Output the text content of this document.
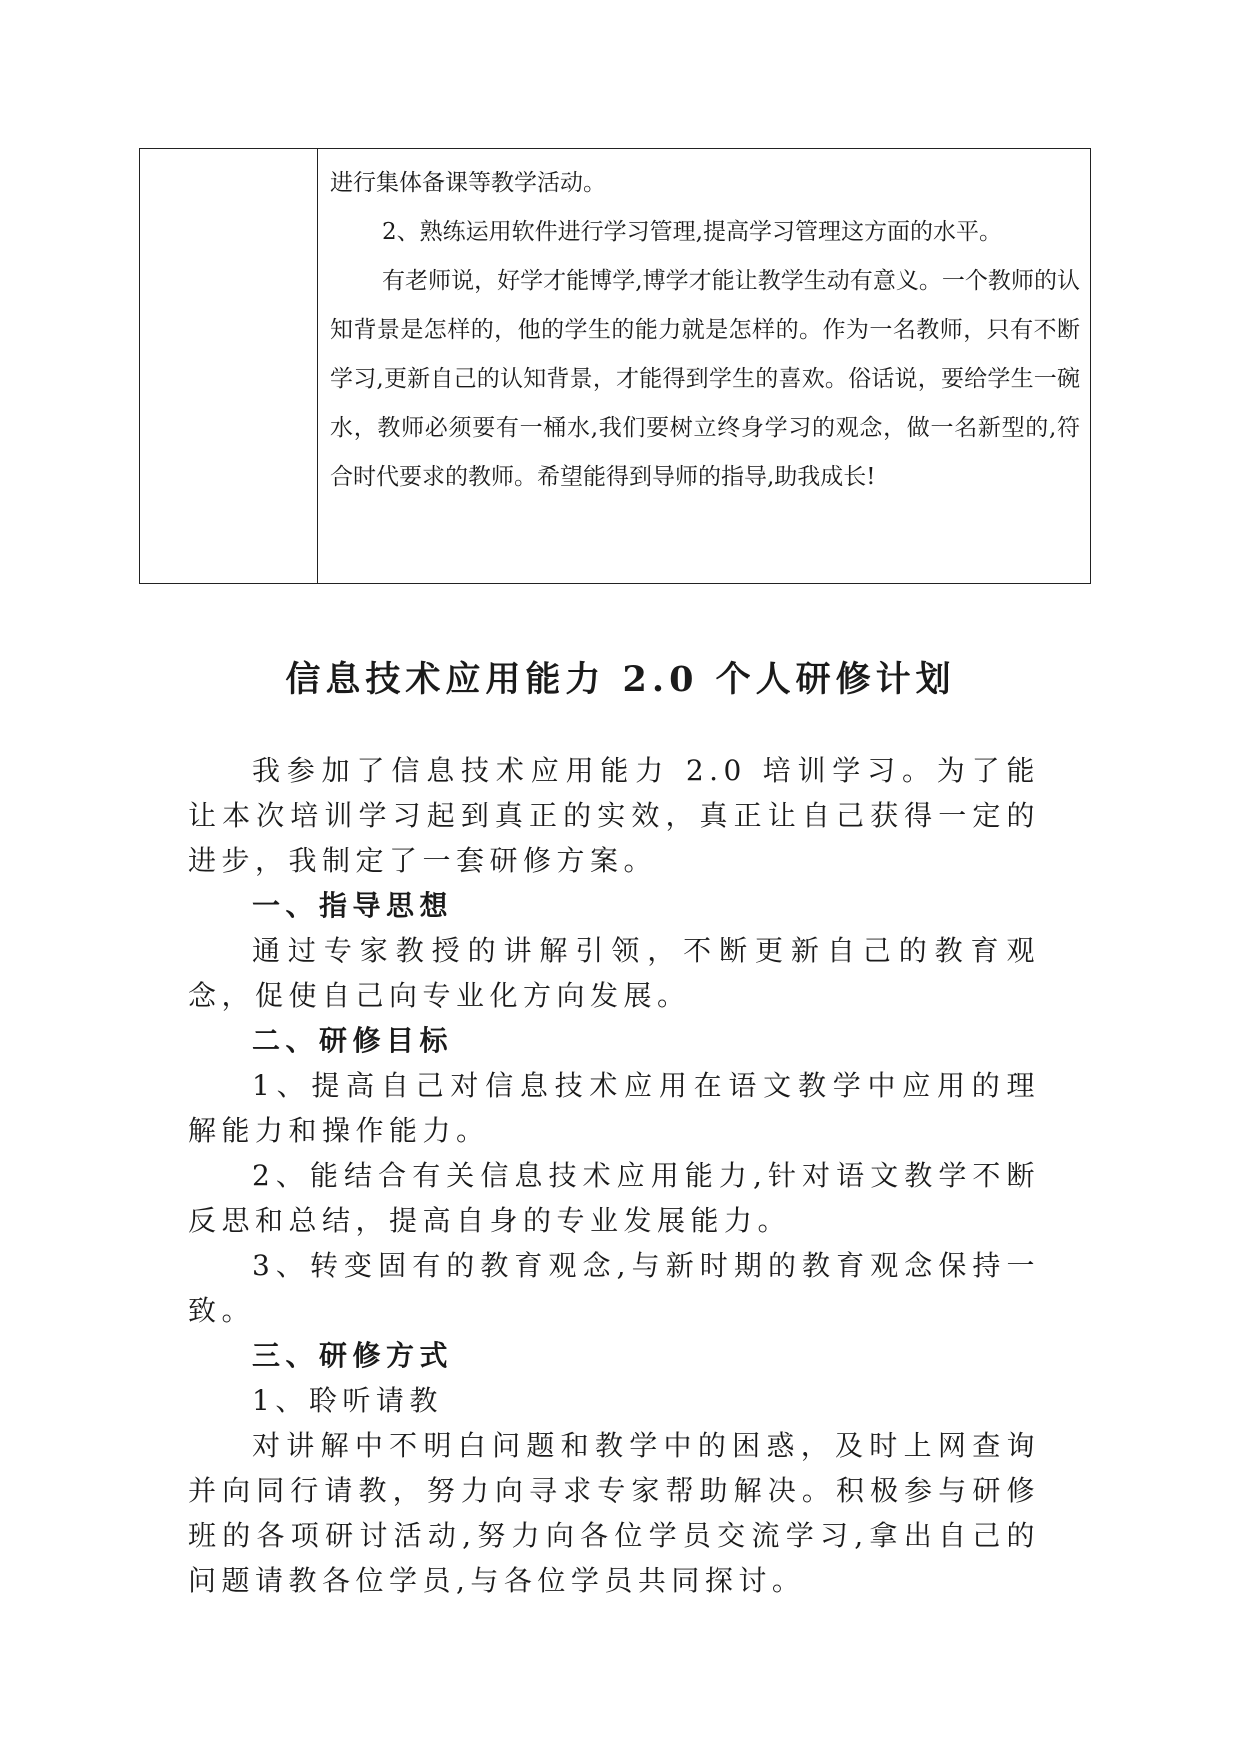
进行集体备课等教学活动。

2、熟练运用软件进行学习管理,提高学习管理这方面的水平。

有老师说，好学才能博学,博学才能让教学生动有意义。一个教师的认知背景是怎样的，他的学生的能力就是怎样的。作为一名教师，只有不断学习,更新自己的认知背景，才能得到学生的喜欢。俗话说，要给学生一碗水，教师必须要有一桶水,我们要树立终身学习的观念，做一名新型的,符合时代要求的教师。希望能得到导师的指导,助我成长!

信息技术应用能力 2.0 个人研修计划

我参加了信息技术应用能力 2.0 培训学习。为了能让本次培训学习起到真正的实效，真正让自己获得一定的进步，我制定了一套研修方案。

一、指导思想

通过专家教授的讲解引领，不断更新自己的教育观念，促使自己向专业化方向发展。

二、研修目标

1、提高自己对信息技术应用在语文教学中应用的理解能力和操作能力。

2、能结合有关信息技术应用能力,针对语文教学不断反思和总结，提高自身的专业发展能力。

3、转变固有的教育观念,与新时期的教育观念保持一致。

三、研修方式

1、聆听请教

对讲解中不明白问题和教学中的困惑，及时上网查询并向同行请教，努力向寻求专家帮助解决。积极参与研修班的各项研讨活动,努力向各位学员交流学习,拿出自己的问题请教各位学员,与各位学员共同探讨。
